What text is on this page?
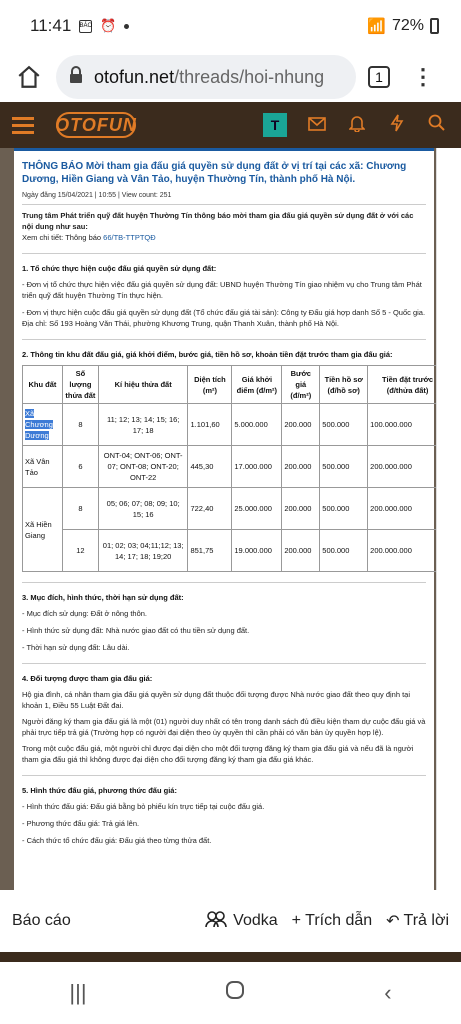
11:41 BÁO ⏰	📶 72%
otofun.net /threads/hoi-nhung	1	⋮
OTOFUN	T
THÔNG BÁO Mời tham gia đấu giá quyền sử dụng đất ở vị trí tại các xã: Chương Dương, Hiền Giang và Vân Tảo, huyện Thường Tín, thành phố Hà Nội.
Ngày đăng 15/04/2021 | 10:55 | View count: 251
Trung tâm Phát triển quỹ đất huyện Thường Tín thông báo mời tham gia đấu giá quyền sử dụng đất ở với các nội dung như sau:
Xem chi tiết: Thông báo 66/TB-TTPTQĐ
1. Tổ chức thực hiện cuộc đấu giá quyền sử dụng đất:
- Đơn vị tổ chức thực hiện việc đấu giá quyền sử dụng đất: UBND huyện Thường Tín giao nhiệm vụ cho Trung tâm Phát triển quỹ đất huyện Thường Tín thực hiện.
- Đơn vị thực hiện cuộc đấu giá quyền sử dụng đất (Tổ chức đấu giá tài sản): Công ty Đấu giá hợp danh Số 5 - Quốc gia. Địa chỉ: Số 193 Hoàng Văn Thái, phường Khương Trung, quận Thanh Xuân, thành phố Hà Nội.
2. Thông tin khu đất đấu giá, giá khởi điểm, bước giá, tiền hồ sơ, khoản tiền đặt trước tham gia đấu giá:
Khu đất	Số lượng thửa đất	Kí hiệu thửa đất	Diện tích (m²)	Giá khởi điểm (đ/m²)	Bước giá (đ/m²)	Tiền hồ sơ (đ/hồ sơ)	Tiền đặt trước (đ/thửa đất)
Xã Chương Dương	8	11; 12; 13; 14; 15; 16; 17; 18	1.101,60	5.000.000	200.000	500.000	100.000.000
Xã Vân Tảo	6	ONT-04; ONT-06; ONT-07; ONT-08; ONT-20; ONT-22	445,30	17.000.000	200.000	500.000	200.000.000
Xã Hiền Giang	8	05; 06; 07; 08; 09; 10; 15; 16	722,40	25.000.000	200.000	500.000	200.000.000
	12	01; 02; 03; 04;11;12; 13; 14; 17; 18; 19;20	851,75	19.000.000	200.000	500.000	200.000.000
3. Mục đích, hình thức, thời hạn sử dụng đất:
- Mục đích sử dụng: Đất ở nông thôn.
- Hình thức sử dụng đất: Nhà nước giao đất có thu tiền sử dụng đất.
- Thời hạn sử dụng đất: Lâu dài.
4. Đối tượng được tham gia đấu giá:
Hộ gia đình, cá nhân tham gia đấu giá quyền sử dụng đất thuộc đối tượng được Nhà nước giao đất theo quy định tại khoản 1, Điều 55 Luật Đất đai.
Người đăng ký tham gia đấu giá là một (01) người duy nhất có tên trong danh sách đủ điều kiện tham dự cuộc đấu giá và phải trực tiếp trả giá (Trường hợp có người đại diện theo ủy quyền thì cần phải có văn bản ủy quyền hợp lệ).
Trong một cuộc đấu giá, một người chỉ được đại diện cho một đối tượng đăng ký tham gia đấu giá và nếu đã là người tham gia đấu giá thì không được đại diện cho đối tượng đăng ký tham gia đấu giá khác.
5. Hình thức đấu giá, phương thức đấu giá:
- Hình thức đấu giá: Đấu giá bằng bỏ phiếu kín trực tiếp tại cuộc đấu giá.
- Phương thức đấu giá: Trả giá lên.
- Cách thức tổ chức đấu giá: Đấu giá theo từng thửa đất.
Báo cáo	Vodka + Trích dẫn ↶ Trả lời
|||	‹
